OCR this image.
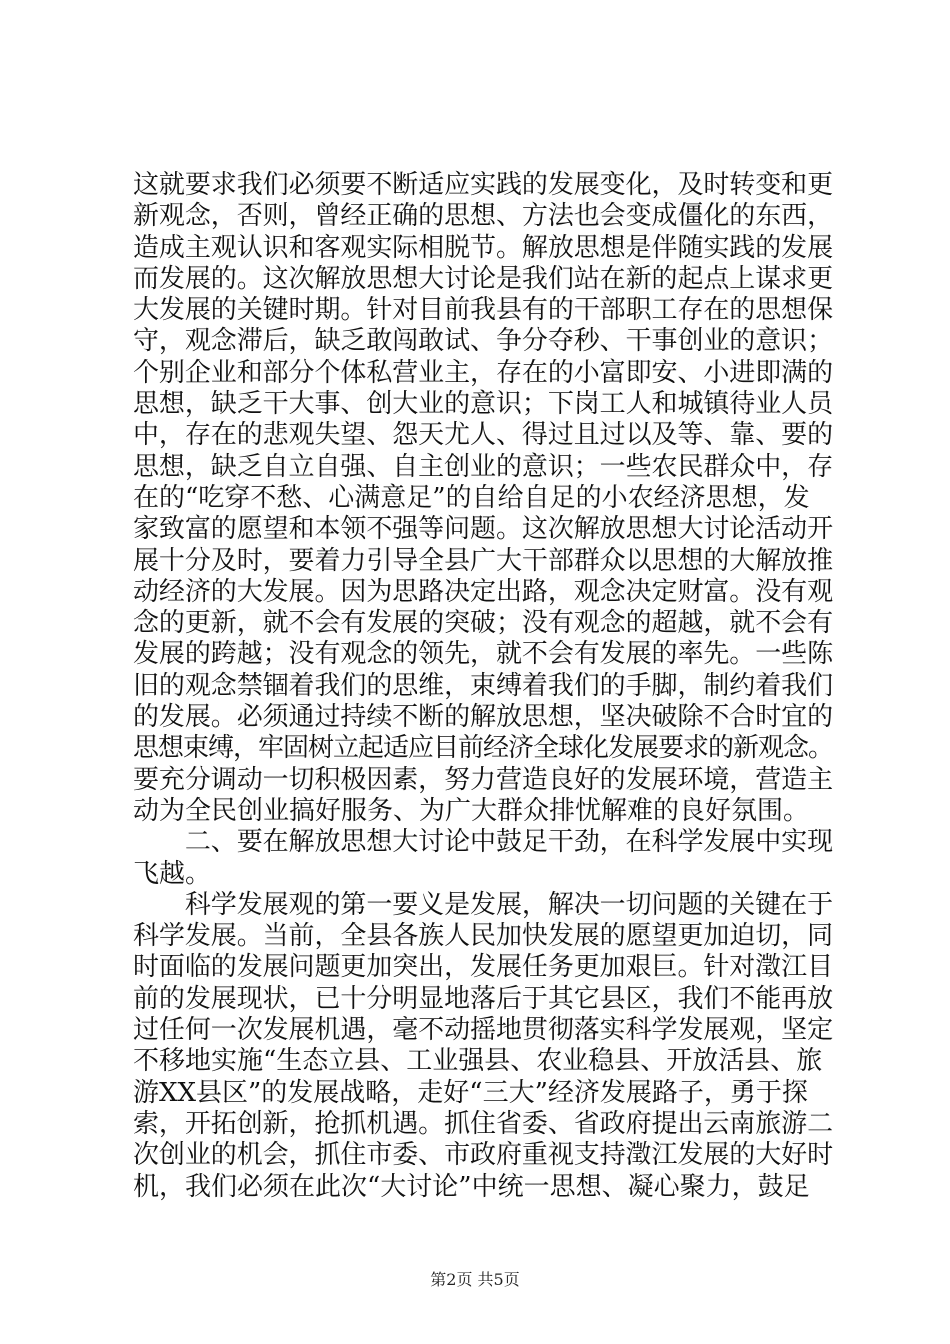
这就要求我们必须要不断适应实践的发展变化，及时转变和更
新观念，否则，曾经正确的思想、方法也会变成僵化的东西，
造成主观认识和客观实际相脱节。解放思想是伴随实践的发展
而发展的。这次解放思想大讨论是我们站在新的起点上谋求更
大发展的关键时期。针对目前我县有的干部职工存在的思想保
守，观念滞后，缺乏敢闯敢试、争分夺秒、干事创业的意识；
个别企业和部分个体私营业主，存在的小富即安、小进即满的
思想，缺乏干大事、创大业的意识；下岗工人和城镇待业人员
中，存在的悲观失望、怨天尤人、得过且过以及等、靠、要的
思想，缺乏自立自强、自主创业的意识；一些农民群众中，存
在的“吃穿不愁、心满意足”的自给自足的小农经济思想，发
家致富的愿望和本领不强等问题。这次解放思想大讨论活动开
展十分及时，要着力引导全县广大干部群众以思想的大解放推
动经济的大发展。因为思路决定出路，观念决定财富。没有观
念的更新，就不会有发展的突破；没有观念的超越，就不会有
发展的跨越；没有观念的领先，就不会有发展的率先。一些陈
旧的观念禁锢着我们的思维，束缚着我们的手脚，制约着我们
的发展。必须通过持续不断的解放思想，坚决破除不合时宜的
思想束缚，牢固树立起适应目前经济全球化发展要求的新观念。
要充分调动一切积极因素，努力营造良好的发展环境，营造主
动为全民创业搞好服务、为广大群众排忧解难的良好氛围。
　　二、要在解放思想大讨论中鼓足干劲，在科学发展中实现
飞越。
　　科学发展观的第一要义是发展，解决一切问题的关键在于
科学发展。当前，全县各族人民加快发展的愿望更加迫切，同
时面临的发展问题更加突出，发展任务更加艰巨。针对澂江目
前的发展现状，已十分明显地落后于其它县区，我们不能再放
过任何一次发展机遇，毫不动摇地贯彻落实科学发展观，坚定
不移地实施“生态立县、工业强县、农业稳县、开放活县、旅
游XX县区”的发展战略，走好“三大”经济发展路子，勇于探
索，开拓创新，抢抓机遇。抓住省委、省政府提出云南旅游二
次创业的机会，抓住市委、市政府重视支持澂江发展的大好时
机，我们必须在此次“大讨论”中统一思想、凝心聚力，鼓足
第2页 共5页
